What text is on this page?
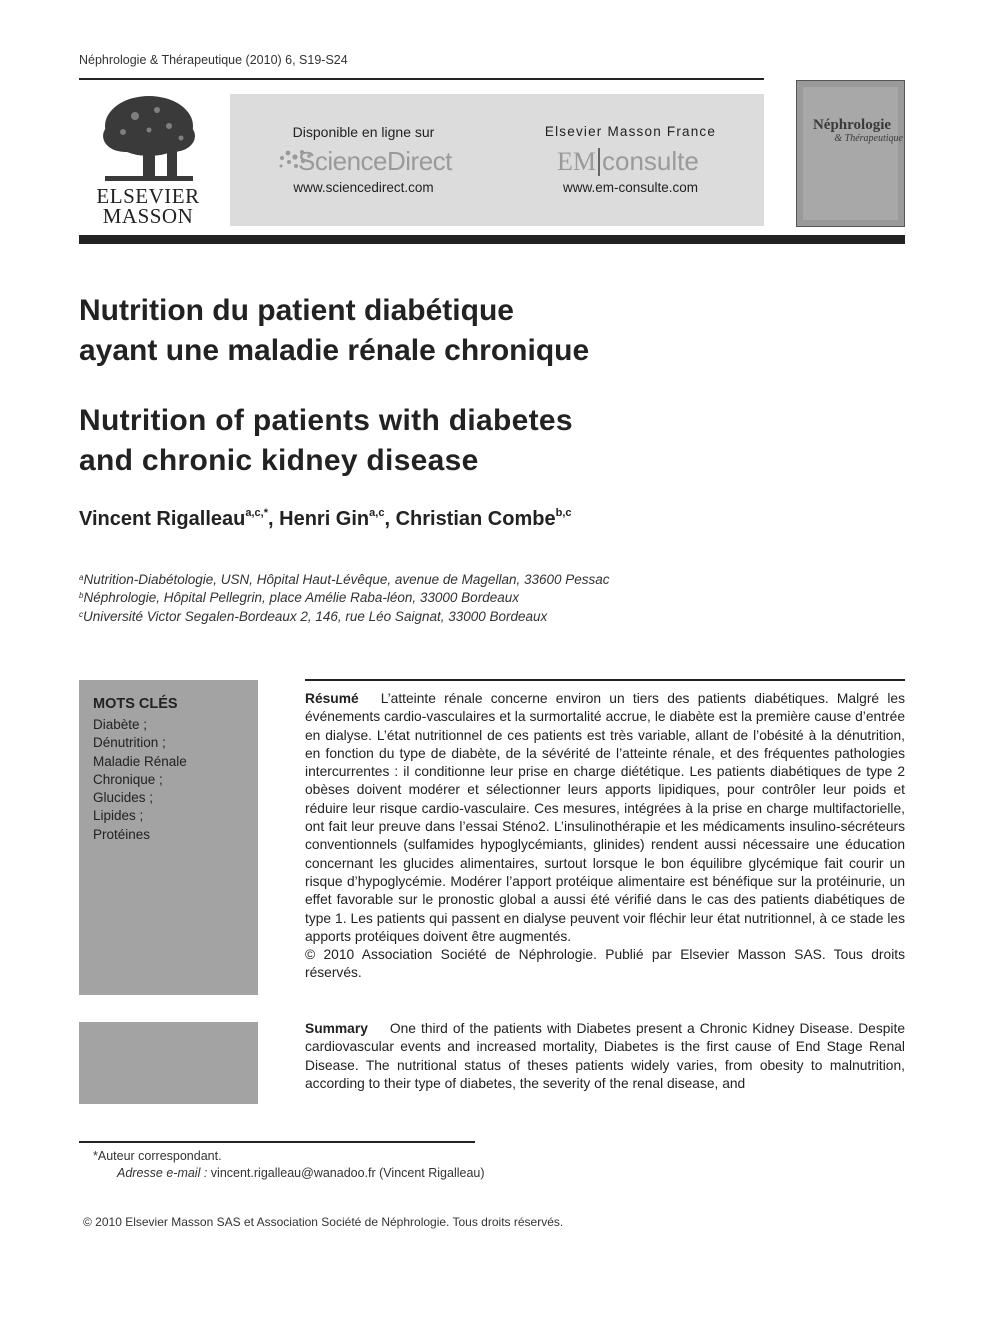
Néphrologie & Thérapeutique (2010) 6, S19-S24
ELSEVIER
MASSON
Disponible en ligne sur
ScienceDirect
www.sciencedirect.com
Elsevier Masson France
EM consulte
www.em-consulte.com
Néphrologie
& Thérapeutique
Nutrition du patient diabétique
ayant une maladie rénale chronique
Nutrition of patients with diabetes
and chronic kidney disease
Vincent Rigalleau$^{a,c,*}$, Henri Gin$^{a,c}$, Christian Combe$^{b,c}$
$^a$Nutrition-Diabétologie, USN, Hôpital Haut-Lévêque, avenue de Magellan, 33600 Pessac
$^b$Néphrologie, Hôpital Pellegrin, place Amélie Raba-léon, 33000 Bordeaux
$^c$Université Victor Segalen-Bordeaux 2, 146, rue Léo Saignat, 33000 Bordeaux
MOTS CLÉS
Diabète ;
Dénutrition ;
Maladie Rénale
Chronique ;
Glucides ;
Lipides ;
Protéines
Résumé L’atteinte rénale concerne environ un tiers des patients diabétiques. Malgré les événements cardio-vasculaires et la surmortalité accrue, le diabète est la première cause d’entrée en dialyse. L’état nutritionnel de ces patients est très variable, allant de l’obésité à la dénutrition, en fonction du type de diabète, de la sévérité de l’atteinte rénale, et des fréquentes pathologies intercurrentes : il conditionne leur prise en charge diététique. Les patients diabétiques de type 2 obèses doivent modérer et sélectionner leurs apports lipidiques, pour contrôler leur poids et réduire leur risque cardio-vasculaire. Ces mesures, intégrées à la prise en charge multifactorielle, ont fait leur preuve dans l’essai Sténo2. L’insulinothérapie et les médicaments insulino-sécréteurs conventionnels (sulfamides hypoglycémiants, glinides) rendent aussi nécessaire une éducation concernant les glucides alimentaires, surtout lorsque le bon équilibre glycémique fait courir un risque d’hypoglycémie. Modérer l’apport protéique alimentaire est bénéfique sur la protéinurie, un effet favorable sur le pronostic global a aussi été vérifié dans le cas des patients diabétiques de type 1. Les patients qui passent en dialyse peuvent voir fléchir leur état nutritionnel, à ce stade les apports protéiques doivent être augmentés.
© 2010 Association Société de Néphrologie. Publié par Elsevier Masson SAS. Tous droits réservés.
Summary One third of the patients with Diabetes present a Chronic Kidney Disease. Despite cardiovascular events and increased mortality, Diabetes is the first cause of End Stage Renal Disease. The nutritional status of theses patients widely varies, from obesity to malnutrition, according to their type of diabetes, the severity of the renal disease, and
*Auteur correspondant.
Adresse e-mail : vincent.rigalleau@wanadoo.fr (Vincent Rigalleau)
© 2010 Elsevier Masson SAS et Association Société de Néphrologie. Tous droits réservés.
